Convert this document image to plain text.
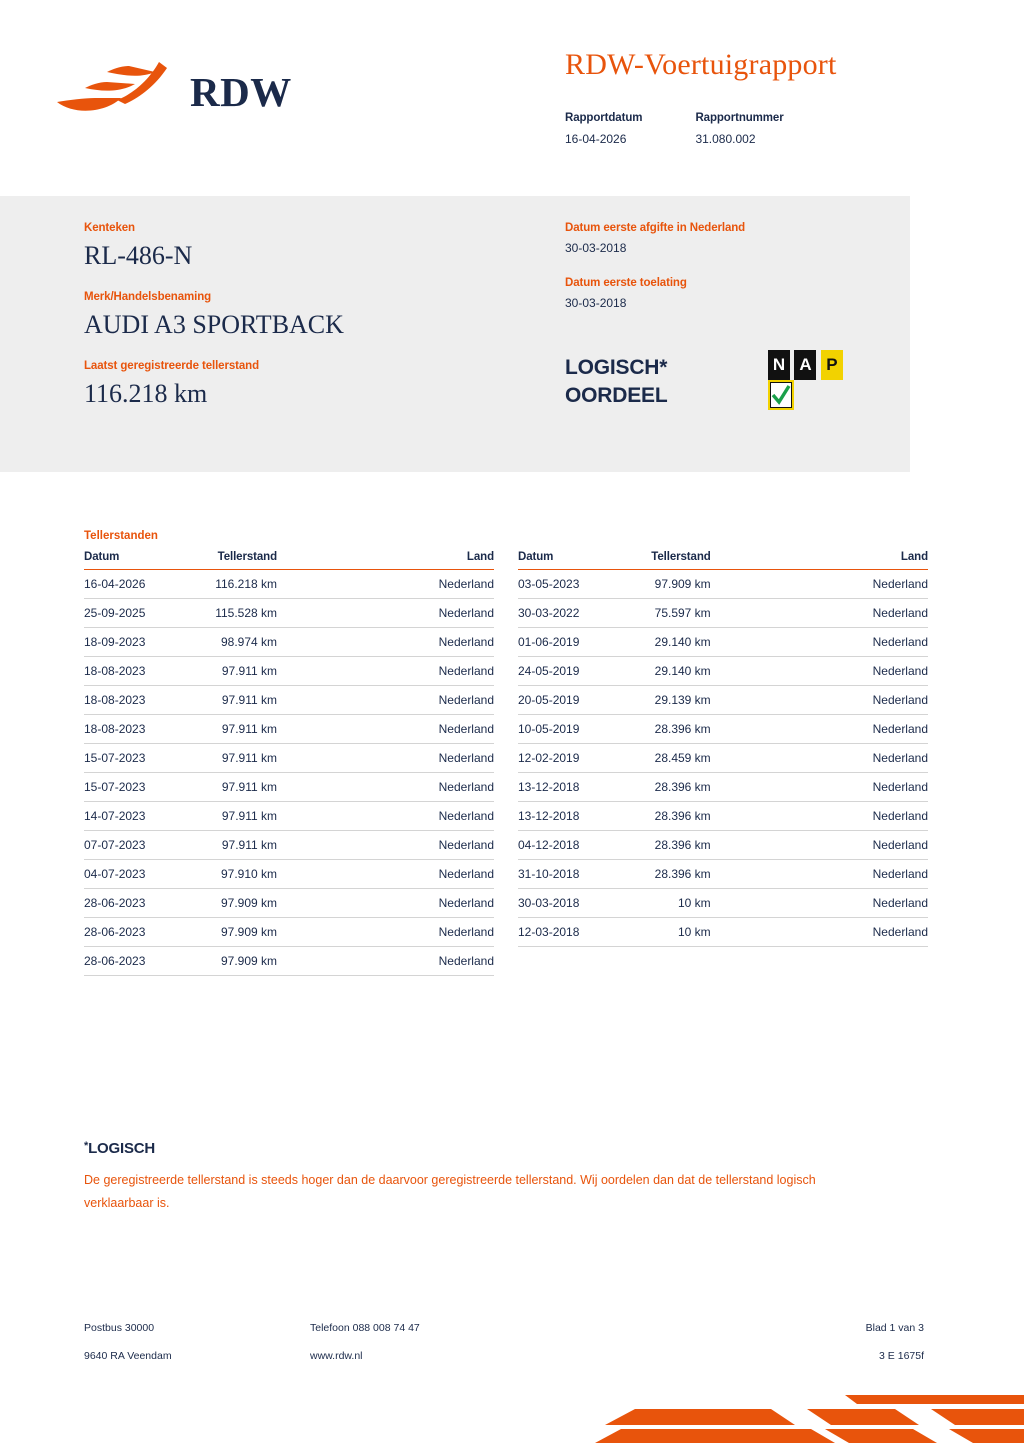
RDW
RDW-Voertuigrapport
Rapportdatum
16-04-2026

Rapportnummer
31.080.002
Kenteken
RL-486-N
Merk/Handelsbenaming
AUDI A3 SPORTBACK
Laatst geregistreerde tellerstand
116.218 km
Datum eerste afgifte in Nederland
30-03-2018
Datum eerste toelating
30-03-2018
LOGISCH*
OORDEEL
N A P
Tellerstanden
Datum	Tellerstand	Land
16-04-2026	116.218 km	Nederland
25-09-2025	115.528 km	Nederland
18-09-2023	98.974 km	Nederland
18-08-2023	97.911 km	Nederland
18-08-2023	97.911 km	Nederland
18-08-2023	97.911 km	Nederland
15-07-2023	97.911 km	Nederland
15-07-2023	97.911 km	Nederland
14-07-2023	97.911 km	Nederland
07-07-2023	97.911 km	Nederland
04-07-2023	97.910 km	Nederland
28-06-2023	97.909 km	Nederland
28-06-2023	97.909 km	Nederland
28-06-2023	97.909 km	Nederland
Datum	Tellerstand	Land
03-05-2023	97.909 km	Nederland
30-03-2022	75.597 km	Nederland
01-06-2019	29.140 km	Nederland
24-05-2019	29.140 km	Nederland
20-05-2019	29.139 km	Nederland
10-05-2019	28.396 km	Nederland
12-02-2019	28.459 km	Nederland
13-12-2018	28.396 km	Nederland
13-12-2018	28.396 km	Nederland
04-12-2018	28.396 km	Nederland
31-10-2018	28.396 km	Nederland
30-03-2018	10 km	Nederland
12-03-2018	10 km	Nederland
*LOGISCH
De geregistreerde tellerstand is steeds hoger dan de daarvoor geregistreerde tellerstand. Wij oordelen dan dat de tellerstand logisch verklaarbaar is.
Postbus 30000	Telefoon 088 008 74 47	Blad 1 van 3
9640 RA Veendam	www.rdw.nl	3 E 1675f
